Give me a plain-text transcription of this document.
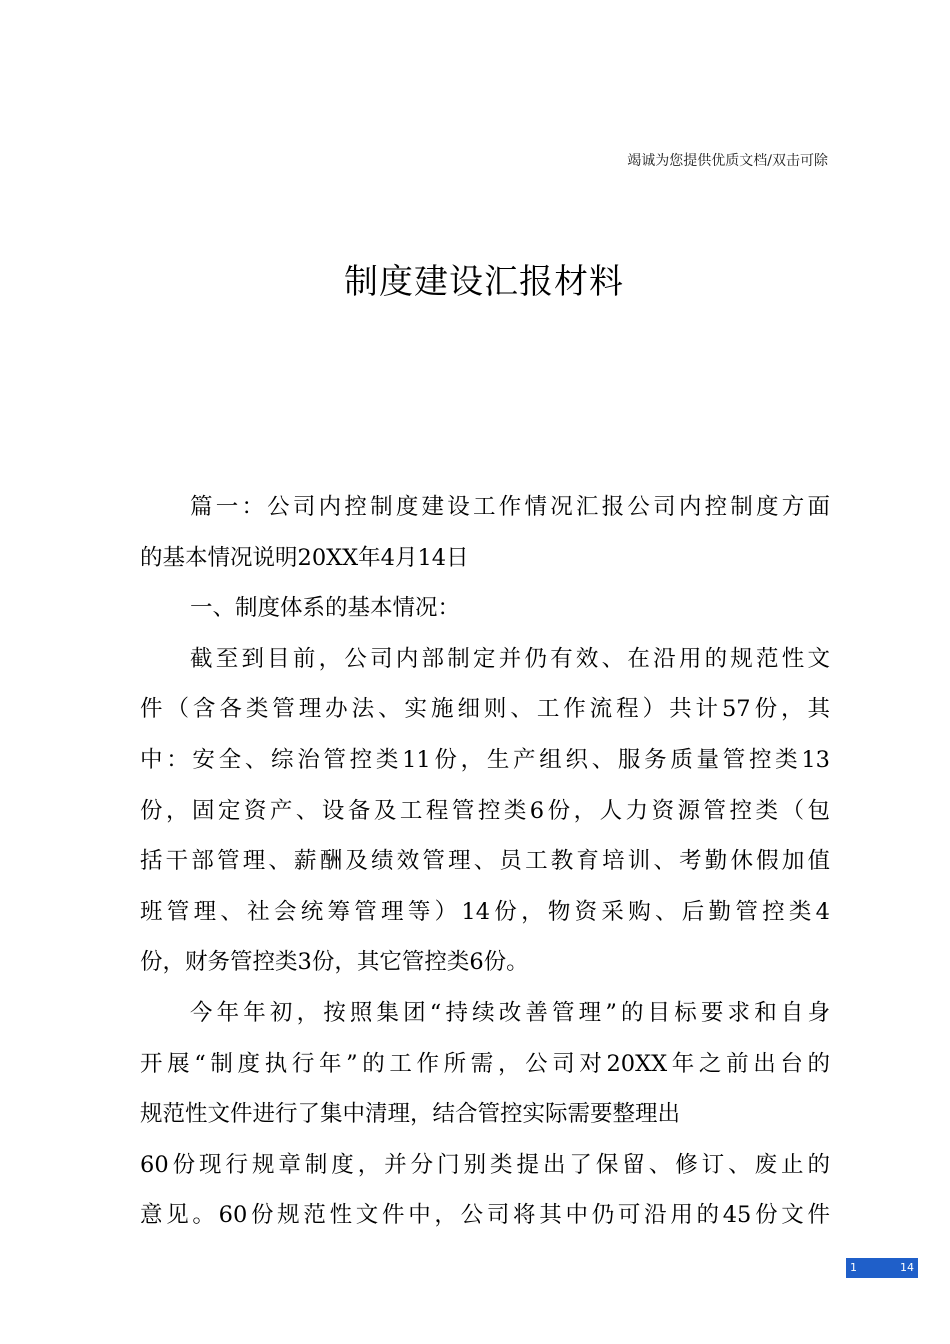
竭诚为您提供优质文档/双击可除
制度建设汇报材料
篇一：公司内控制度建设工作情况汇报公司内控制度方面
的基本情况说明20XX年4月14日
一、制度体系的基本情况：
截至到目前，公司内部制定并仍有效、在沿用的规范性文
件（含各类管理办法、实施细则、工作流程）共计57份，其
中：安全、综治管控类11份，生产组织、服务质量管控类13
份，固定资产、设备及工程管控类6份，人力资源管控类（包
括干部管理、薪酬及绩效管理、员工教育培训、考勤休假加值
班管理、社会统筹管理等）14份，物资采购、后勤管控类4
份，财务管控类3份，其它管控类6份。
今年年初，按照集团“持续改善管理”的目标要求和自身
开展“制度执行年”的工作所需，公司对20XX年之前出台的
规范性文件进行了集中清理，结合管控实际需要整理出
60份现行规章制度，并分门别类提出了保留、修订、废止的
意见。60份规范性文件中，公司将其中仍可沿用的45份文件
1	14
